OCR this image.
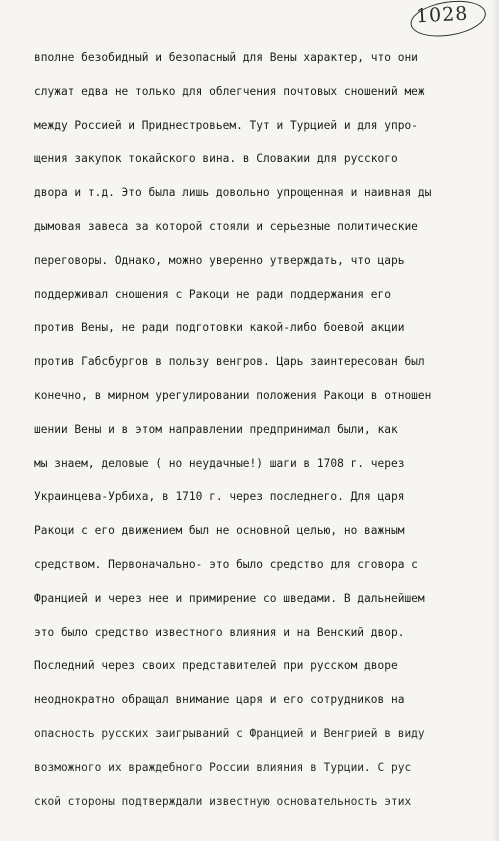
1028
вполне безобидный и безопасный для Вены характер, что они
служат едва не только для облегчения почтовых сношений меж
между Россией и Приднестровьем. Тут и Турцией и для упро-
щения закупок токайского вина. в Словакии для русского
двора и т.д. Это была лишь довольно упрощенная и наивная ды
дымовая завеса за которой стояли и серьезные политические
переговоры. Однако, можно уверенно утверждать, что царь
поддерживал сношения с Ракоци не ради поддержания его
против Вены, не ради подготовки какой-либо боевой акции
против Габсбургов в пользу венгров. Царь заинтересован был
конечно, в мирном урегулировании положения Ракоци в отношен
шении Вены и в этом направлении предпринимал были, как
мы знаем, деловые ( но неудачные!) шаги в 1708 г. через
Украинцева-Урбиха, в 1710 г. через последнего. Для царя
Ракоци с его движением был не основной целью, но важным
средством. Первоначально- это было средство для сговора с
Францией и через нее и примирение со шведами. В дальнейшем
это было средство известного влияния и на Венский двор.
Последний через своих представителей при русском дворе
неоднократно обращал внимание царя и его сотрудников на
опасность русских заигрываний с Францией и Венгрией в виду
возможного их враждебного России влияния в Турции. С рус
ской стороны подтверждали известную основательность этих
